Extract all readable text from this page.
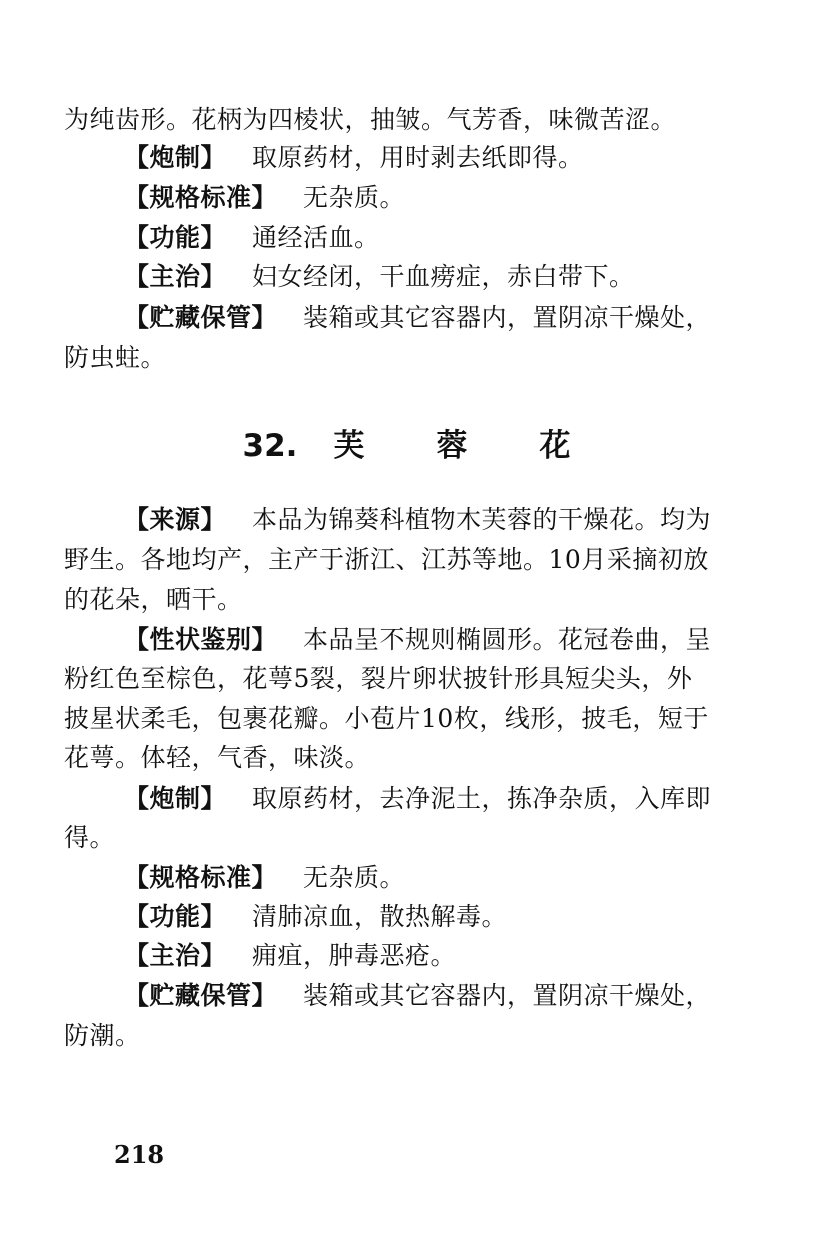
为纯齿形。花柄为四棱状，抽皱。气芳香，味微苦涩。
【炮制】 取原药材，用时剥去纸即得。
【规格标准】 无杂质。
【功能】 通经活血。
【主治】 妇女经闭，干血痨症，赤白带下。
【贮藏保管】 装箱或其它容器内，置阴凉干燥处，
防虫蛀。
32. 芙 蓉 花
【来源】 本品为锦葵科植物木芙蓉的干燥花。均为
野生。各地均产，主产于浙江、江苏等地。10月采摘初放
的花朵，晒干。
【性状鉴别】 本品呈不规则椭圆形。花冠卷曲，呈
粉红色至棕色，花萼5裂，裂片卵状披针形具短尖头，外
披星状柔毛，包裹花瓣。小苞片10枚，线形，披毛，短于
花萼。体轻，气香，味淡。
【炮制】 取原药材，去净泥土，拣净杂质，入库即
得。
【规格标准】 无杂质。
【功能】 清肺凉血，散热解毒。
【主治】 痈疽，肿毒恶疮。
【贮藏保管】 装箱或其它容器内，置阴凉干燥处，
防潮。
218
